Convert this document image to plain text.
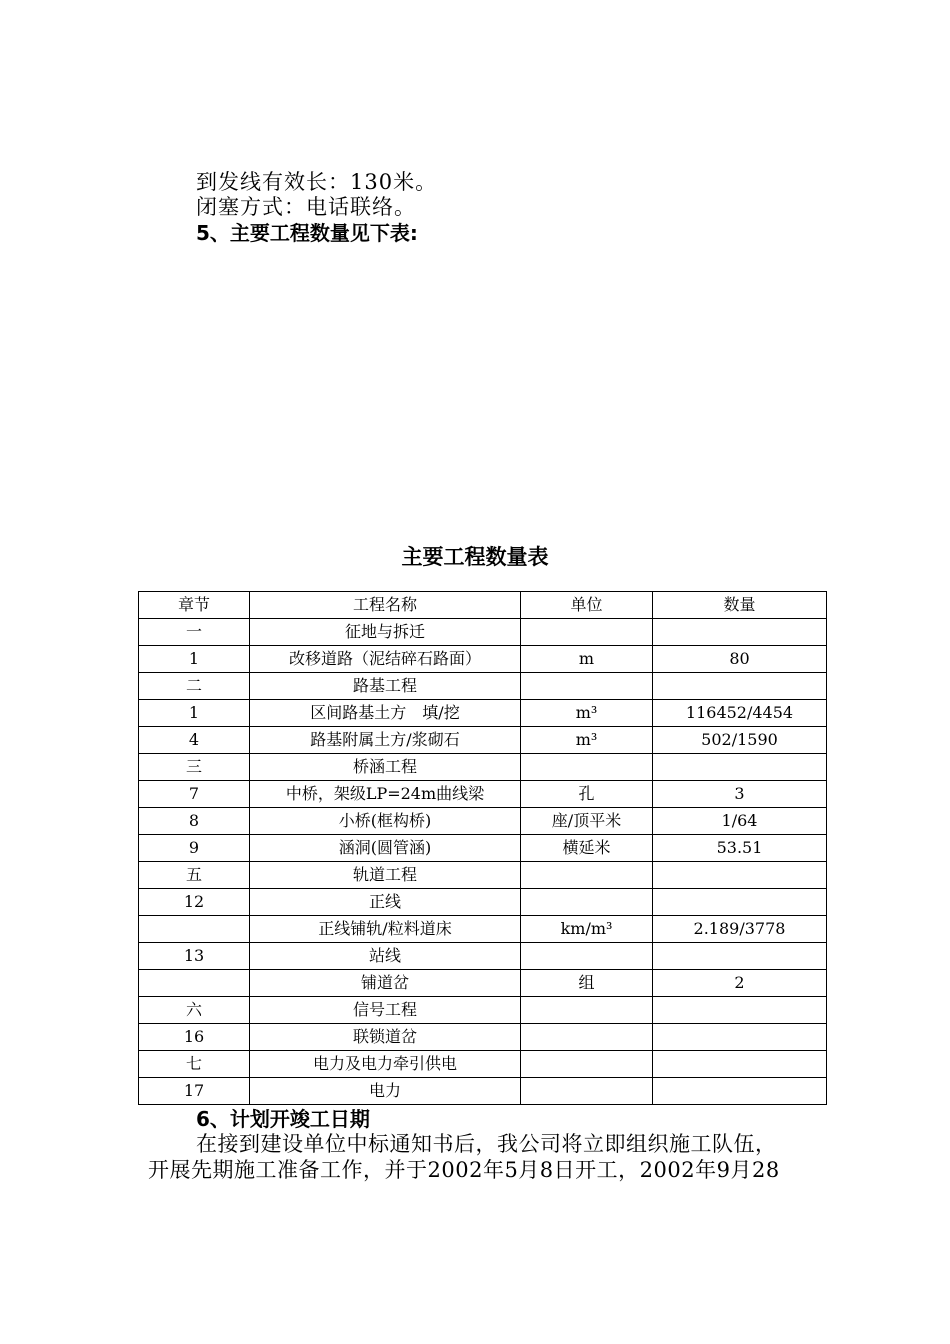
到发线有效长：130米。
闭塞方式：电话联络。
5、主要工程数量见下表:
主要工程数量表
章节	工程名称	单位	数量
一	征地与拆迁		
1	改移道路（泥结碎石路面）	m	80
二	路基工程		
1	区间路基土方　填/挖	m³	116452/4454
4	路基附属土方/浆砌石	m³	502/1590
三	桥涵工程		
7	中桥，架级LP=24m曲线梁	孔	3
8	小桥(框构桥)	座/顶平米	1/64
9	涵洞(圆管涵)	横延米	53.51
五	轨道工程		
12	正线		
	正线铺轨/粒料道床	km/m³	2.189/3778
13	站线		
	铺道岔	组	2
六	信号工程		
16	联锁道岔		
七	电力及电力牵引供电		
17	电力		
6、计划开竣工日期
在接到建设单位中标通知书后，我公司将立即组织施工队伍，
开展先期施工准备工作，并于2002年5月8日开工，2002年9月28
